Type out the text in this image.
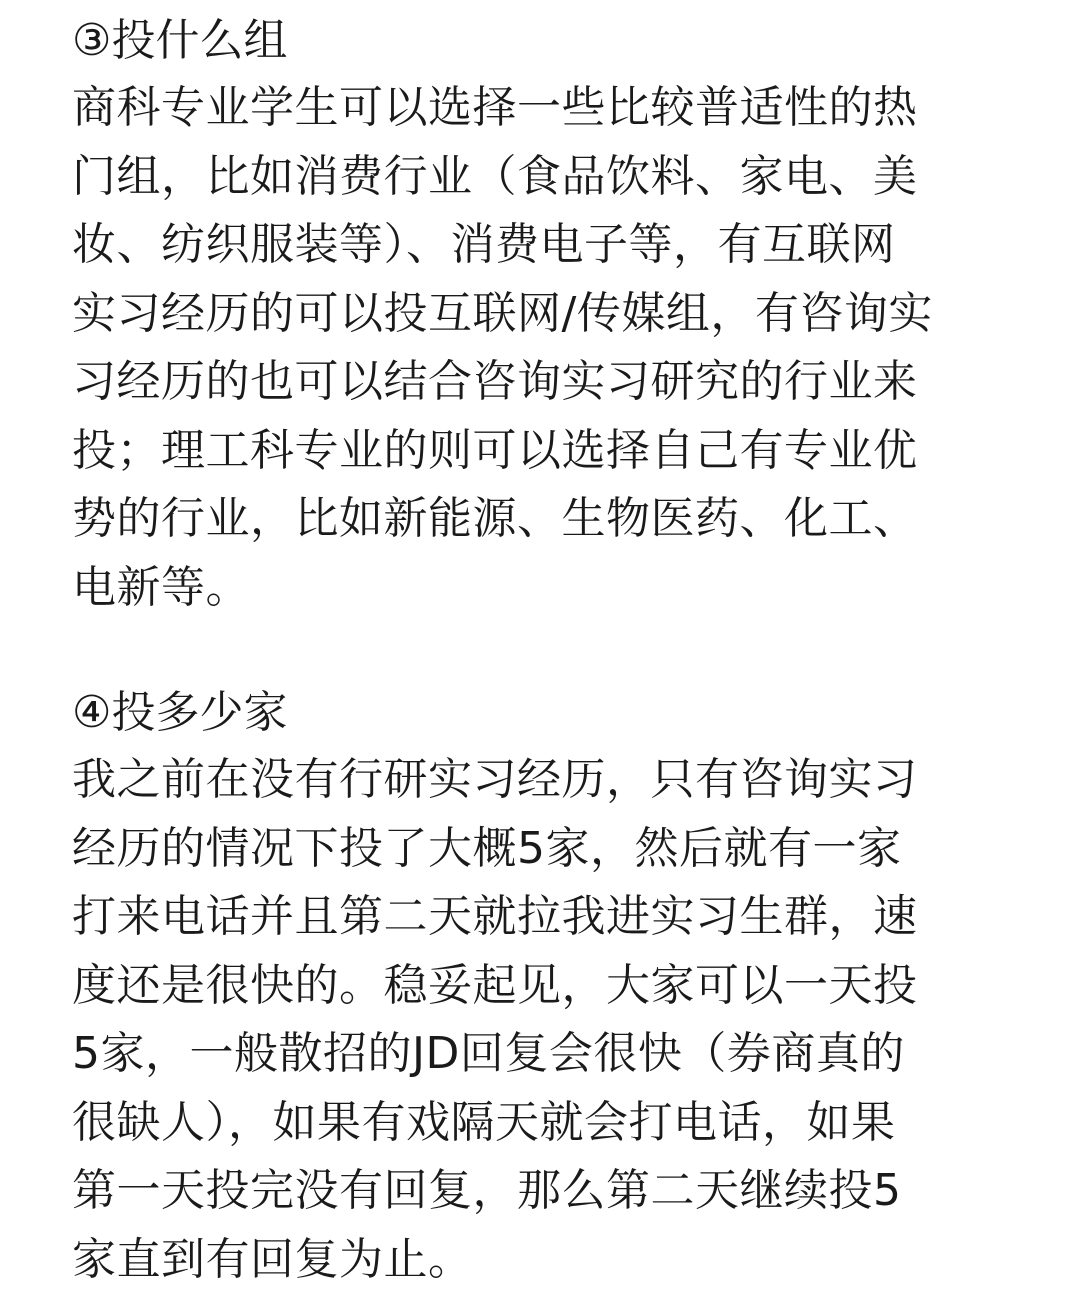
③投什么组
商科专业学生可以选择一些比较普适性的热
门组，比如消费行业（食品饮料、家电、美
妆、纺织服装等）、消费电子等，有互联网
实习经历的可以投互联网/传媒组，有咨询实
习经历的也可以结合咨询实习研究的行业来
投；理工科专业的则可以选择自己有专业优
势的行业，比如新能源、生物医药、化工、
电新等。
④投多少家
我之前在没有行研实习经历，只有咨询实习
经历的情况下投了大概5家，然后就有一家
打来电话并且第二天就拉我进实习生群，速
度还是很快的。稳妥起见，大家可以一天投
5家，一般散招的JD回复会很快（券商真的
很缺人），如果有戏隔天就会打电话，如果
第一天投完没有回复，那么第二天继续投5
家直到有回复为止。
